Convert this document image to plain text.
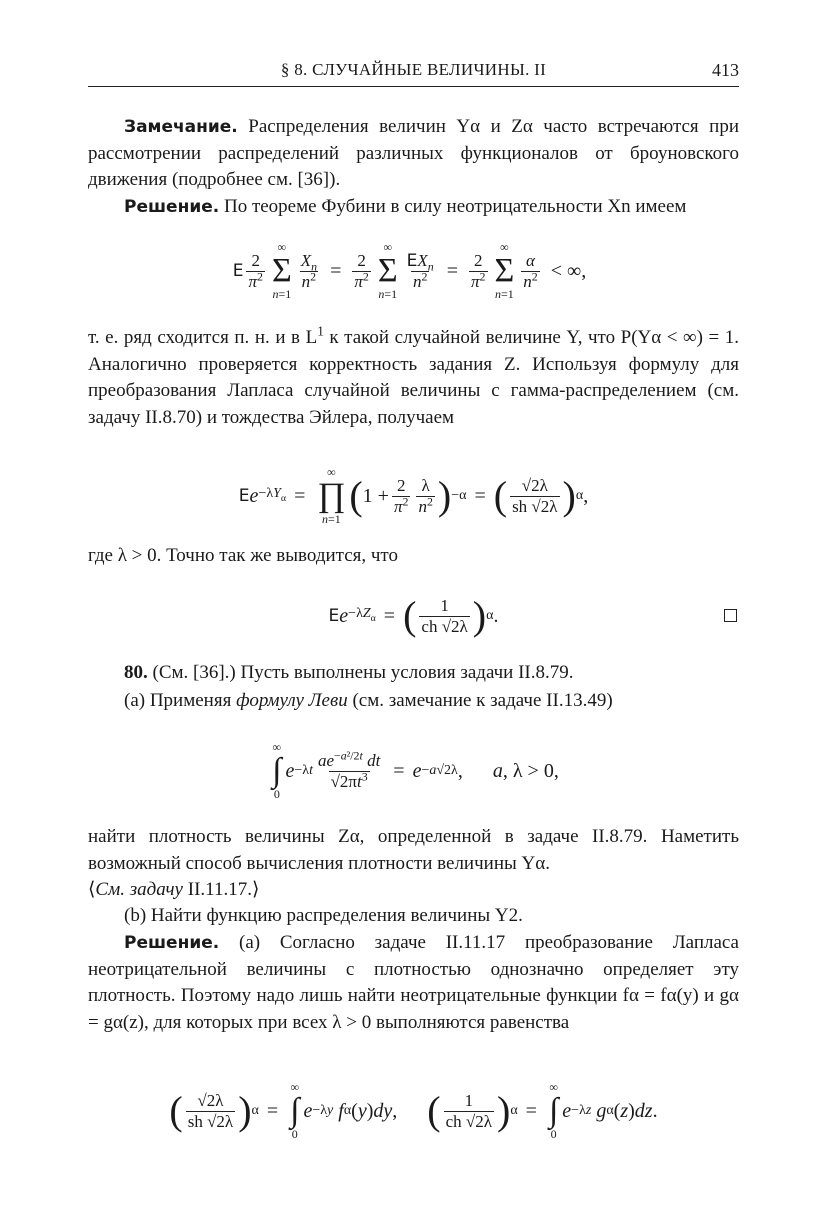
§ 8. СЛУЧАЙНЫЕ ВЕЛИЧИНЫ. II	413

Замечание. Распределения величин Yα и Zα часто встречаются при рассмотрении распределений различных функционалов от броуновского движения (подробнее см. [36]).

Решение. По теореме Фубини в силу неотрицательности Xn имеем

E $\frac{2}{\pi^2}$
∞
Σ
n=1
$\frac{X_n}{n^2} = \frac{2}{\pi^2}$
∞
Σ
n=1
$\frac{EX_n}{n^2} = \frac{2}{\pi^2}$
∞
Σ
n=1
$\frac{\alpha}{n^2}$ < ∞,

т. е. ряд сходится п. н. и в $L^1$ к такой случайной величине Y, что P(Yα < ∞) = 1. Аналогично проверяется корректность задания Z. Используя формулу для преобразования Лапласа случайной величины с гамма-распределением (см. задачу II.8.70) и тождества Эйлера, получаем

E $e -\lambda Y_\alpha$ =
∞
∏
n=1
( $1 + \frac{2}{\pi^2} \frac{\lambda}{n^2}$ ) −α = ( $\frac{√2\lambda}{sh √2\lambda}$ ) α ,

где λ > 0. Точно так же выводится, что

E $e -\lambda Z_\alpha$ = ( $\frac{1}{ch √2\lambda}$ ) α .

80. (См. [36].) Пусть выполнены условия задачи II.8.79.

(a) Применяя формулу Леви (см. замечание к задаче II.13.49)

∞
∫
0
$e -\lambda t \frac{ae^{-a^2/2t} dt}{√2\pi t^3} = e -a√2\lambda$ , a, λ > 0,

найти плотность величины Zα, определенной в задаче II.8.79. Наметить возможный способ вычисления плотности величины Yα.

⟨См. задачу II.11.17.⟩

(b) Найти функцию распределения величины Y2.

Решение. (a) Согласно задаче II.11.17 преобразование Лапласа неотрицательной величины с плотностью однозначно определяет эту плотность. Поэтому надо лишь найти неотрицательные функции fα = fα(y) и gα = gα(z), для которых при всех λ > 0 выполняются равенства

( $\frac{√2\lambda}{sh √2\lambda}$ ) α =
∞
∫
0
e −λy
f α ( y ) dy , ( $\frac{1}{ch √2\lambda}$ ) α =
∞
∫
0
e −λz
g α ( z ) dz .
